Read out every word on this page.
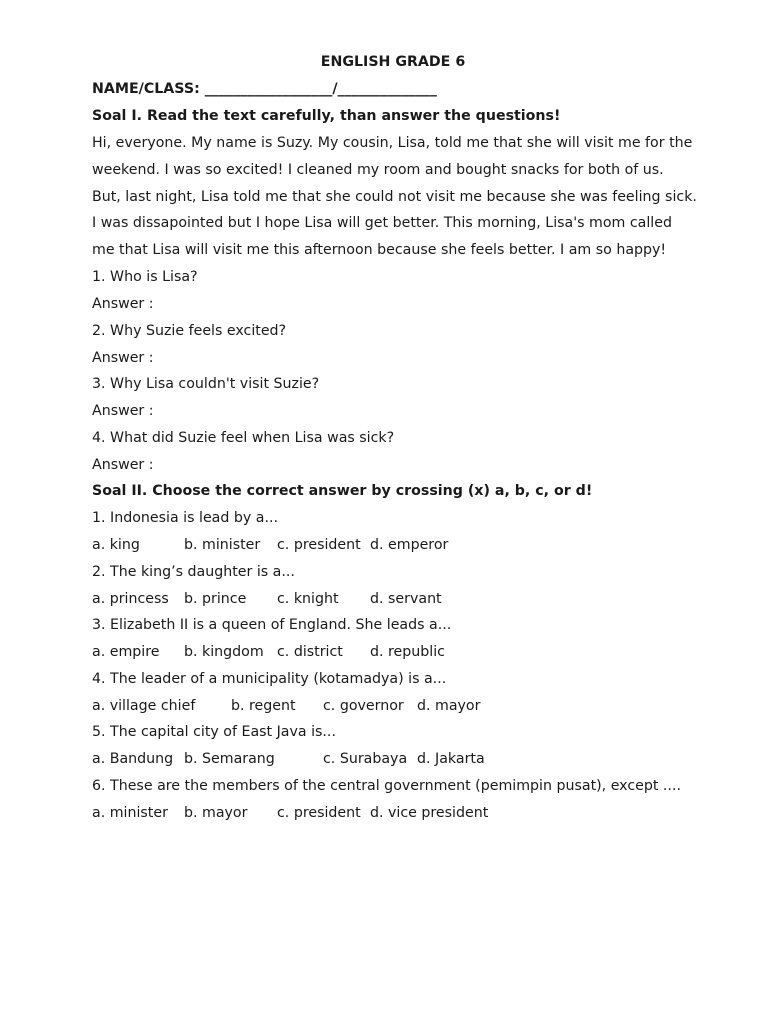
ENGLISH GRADE 6
NAME/CLASS: __________________/______________
Soal I. Read the text carefully, than answer the questions!
Hi, everyone. My name is Suzy. My cousin, Lisa, told me that she will visit me for the
weekend. I was so excited! I cleaned my room and bought snacks for both of us.
But, last night, Lisa told me that she could not visit me because she was feeling sick.
I was dissapointed but I hope Lisa will get better. This morning, Lisa's mom called
me that Lisa will visit me this afternoon because she feels better. I am so happy!
1. Who is Lisa?
Answer :
2. Why Suzie feels excited?
Answer :
3. Why Lisa couldn't visit Suzie?
Answer :
4. What did Suzie feel when Lisa was sick?
Answer :
Soal II. Choose the correct answer by crossing (x) a, b, c, or d!
1. Indonesia is lead by a...
a. king	b. minister c. president d. emperor
2. The king’s daughter is a...
a. princess b. prince c. knight d. servant
3. Elizabeth II is a queen of England. She leads a...
a. empire b. kingdom c. district d. republic
4. The leader of a municipality (kotamadya) is a...
a. village chief	b. regent c. governor d. mayor
5. The capital city of East Java is...
a. Bandung b. Semarang	c. Surabaya d. Jakarta
6. These are the members of the central government (pemimpin pusat), except ....
a. minister b. mayor c. president d. vice president
